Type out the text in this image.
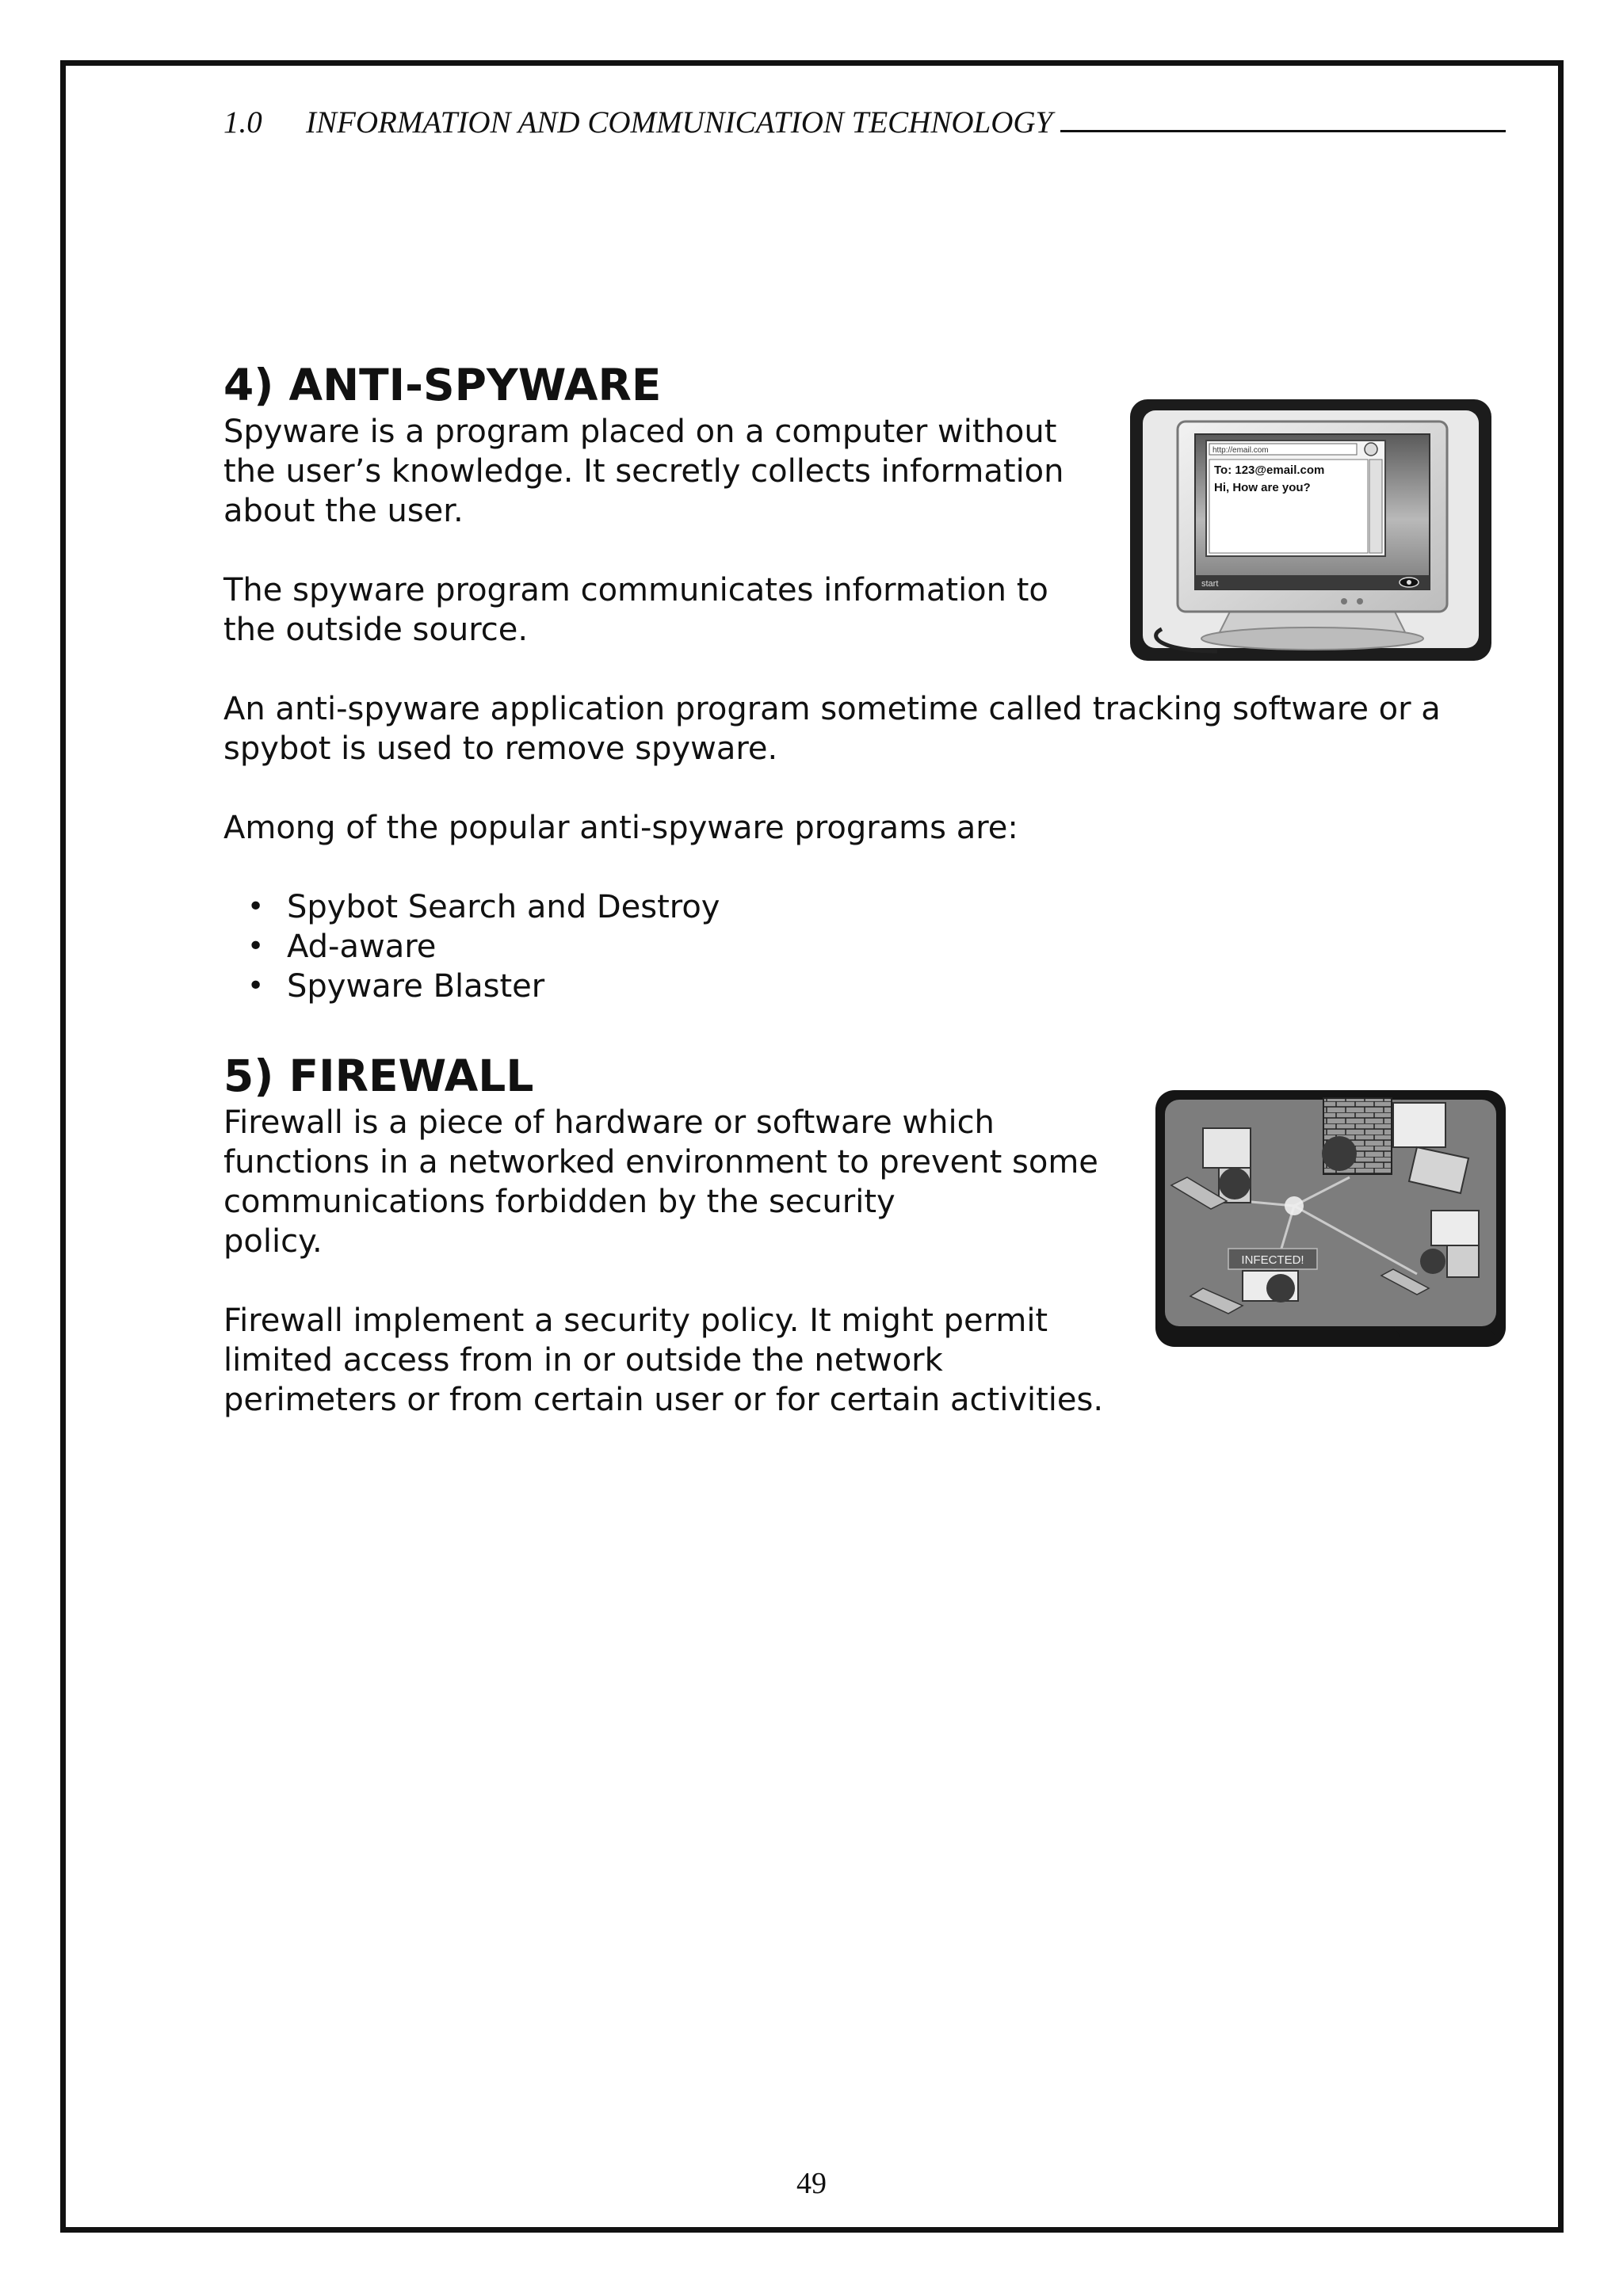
1.0	INFORMATION AND COMMUNICATION TECHNOLOGY
4) ANTI-SPYWARE

Spyware is a program placed on a computer without

the user’s knowledge. It secretly collects information

about the user.

The spyware program communicates information to

the outside source.

An anti-spyware application program sometime called tracking software or a

spybot is used to remove spyware.

Among of the popular anti-spyware programs are:

• Spybot Search and Destroy
• Ad-aware
• Spyware Blaster
http://email.com
To: 123@email.com
Hi, How are you?
start
5) FIREWALL

Firewall is a piece of hardware or software which

functions in a networked environment to prevent some

communications forbidden by the security

policy.

Firewall implement a security policy. It might permit

limited access from in or outside the network

perimeters or from certain user or for certain activities.

INFECTED!
49
